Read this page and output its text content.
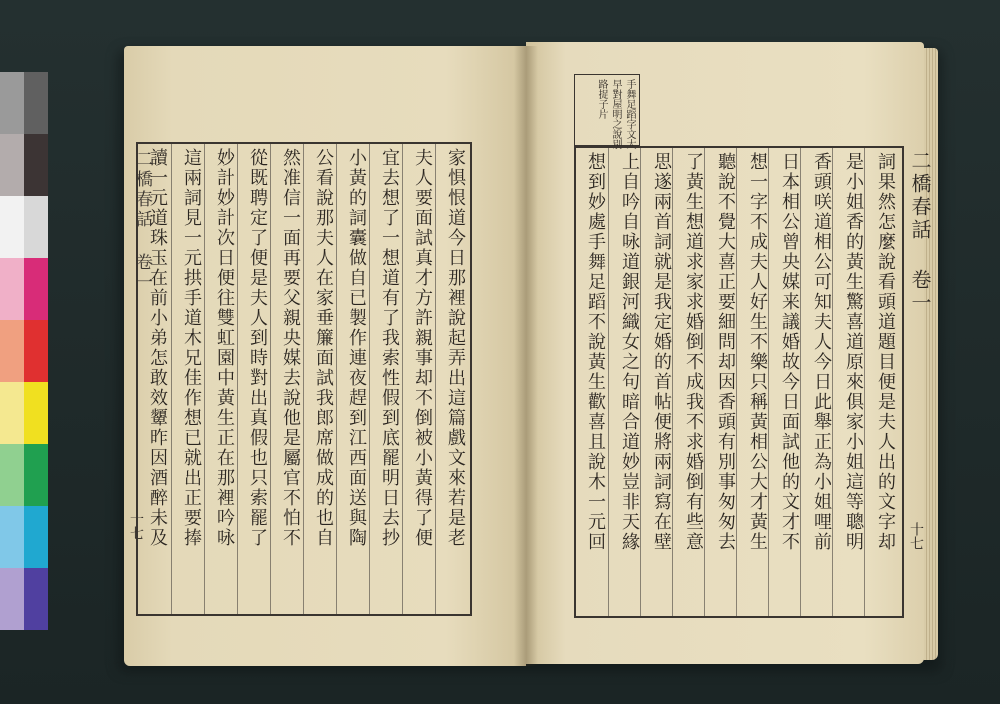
早對屋明之說別 手舞足蹈字文大
路捉子片
二橋春話 卷一
十七
詞果然怎麼說看頭道題目便是夫人出的文字却
是小姐香的黃生驚喜道原來俱家小姐這等聰明
香頭咲道相公可知夫人今日此舉正為小姐哩前
日本相公曾央媒来議婚故今日面試他的文才不
想一字不成夫人好生不樂只稱黃相公大才黃生
聽說不覺大喜正要細問却因香頭有別事匆匆去
了黃生想道求家求婚倒不成我不求婚倒有些意
思遂兩首詞就是我定婚的首帖便將兩詞寫在壁
上自吟自咏道銀河織女之句暗合道妙豈非天緣
想到妙處手舞足蹈不說黃生歡喜且說木一元回
二橋春話 卷一
十七	家惧恨道今日那裡說起弄出這篇戲文來若是老
夫人要面試真才方許親事却不倒被小黃得了便
宜去想了一想道有了我索性假到底罷明日去抄
小黃的詞囊做自已製作連夜趕到江西面送與陶
公看說那夫人在家垂簾面試我郎席做成的也自
然准信一面再要父親央媒去說他是屬官不怕不
從既聘定了便是夫人到時對出真假也只索罷了
妙計妙計次日便往雙虹園中黃生正在那裡吟咏
這兩詞見一元拱手道木兄佳作想已就出正要捧
讀一元道珠玉在前小弟怎敢效顰昨因酒醉未及
